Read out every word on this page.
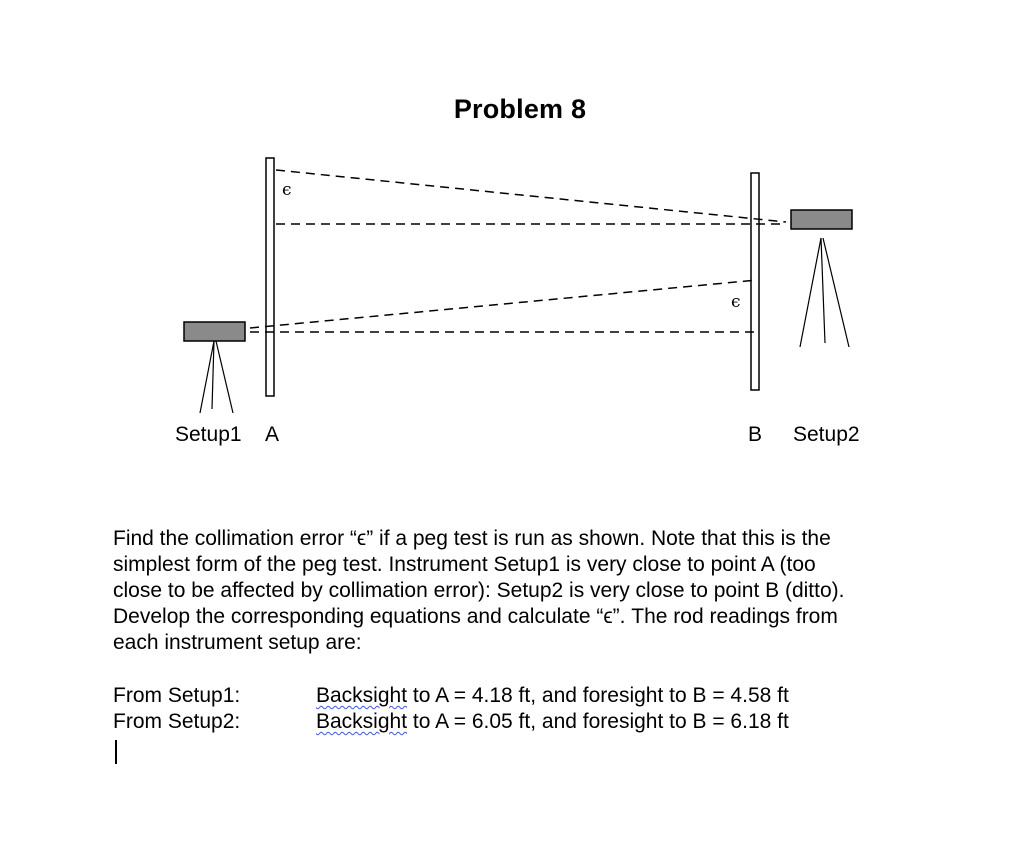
Problem 8
ϵ
ϵ
Setup1 A	B Setup2

Find the collimation error “ϵ” if a peg test is run as shown. Note that this is the
simplest form of the peg test. Instrument Setup1 is very close to point A (too
close to be affected by collimation error): Setup2 is very close to point B (ditto).
Develop the corresponding equations and calculate “ϵ”. The rod readings from
each instrument setup are:

From Setup1:	Backsight to A = 4.18 ft, and foresight to B = 4.58 ft
From Setup2:	Backsight to A = 6.05 ft, and foresight to B = 6.18 ft
